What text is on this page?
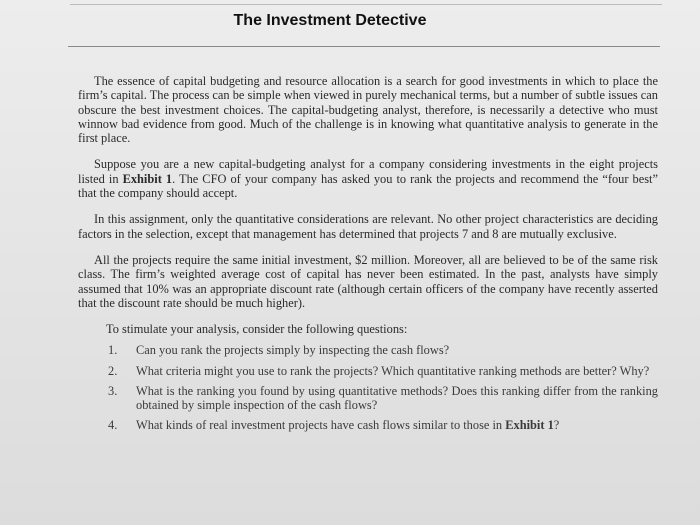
The Investment Detective

The essence of capital budgeting and resource allocation is a search for good investments in which to place the firm’s capital. The process can be simple when viewed in purely mechanical terms, but a number of subtle issues can obscure the best investment choices. The capital-budgeting analyst, therefore, is necessarily a detective who must winnow bad evidence from good. Much of the challenge is in knowing what quantitative analysis to generate in the first place.

Suppose you are a new capital-budgeting analyst for a company considering investments in the eight projects listed in Exhibit 1. The CFO of your company has asked you to rank the projects and recommend the “four best” that the company should accept.

In this assignment, only the quantitative considerations are relevant. No other project characteristics are deciding factors in the selection, except that management has determined that projects 7 and 8 are mutually exclusive.

All the projects require the same initial investment, $2 million. Moreover, all are believed to be of the same risk class. The firm’s weighted average cost of capital has never been estimated. In the past, analysts have simply assumed that 10% was an appropriate discount rate (although certain officers of the company have recently asserted that the discount rate should be much higher).

To stimulate your analysis, consider the following questions:

1.	Can you rank the projects simply by inspecting the cash flows?
2.	What criteria might you use to rank the projects? Which quantitative ranking methods are better? Why?
3.	What is the ranking you found by using quantitative methods? Does this ranking differ from the ranking obtained by simple inspection of the cash flows?
4.	What kinds of real investment projects have cash flows similar to those in Exhibit 1?
